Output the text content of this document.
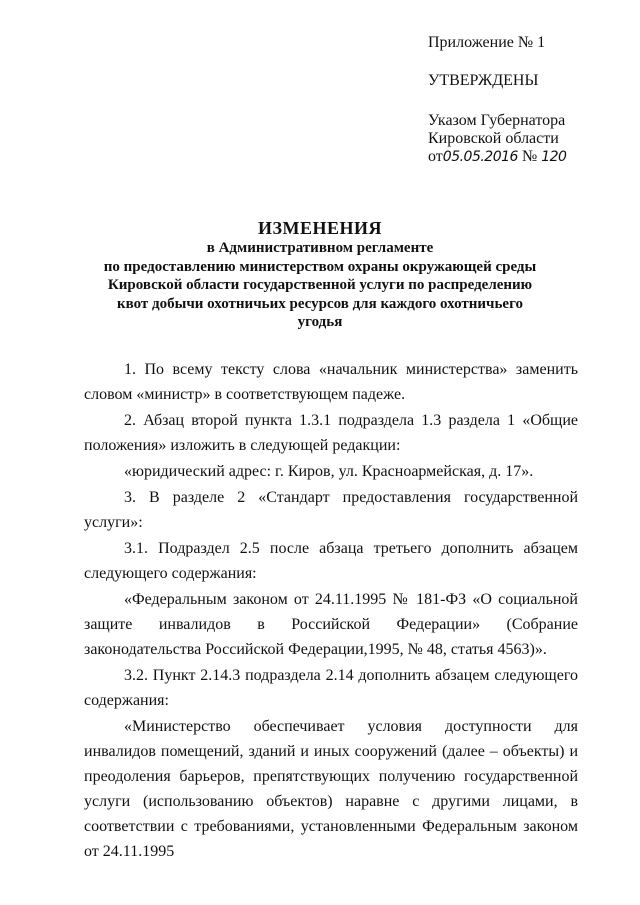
Приложение № 1
УТВЕРЖДЕНЫ
Указом Губернатора
Кировской области
от05.05.2016 № 120
ИЗМЕНЕНИЯ
в Административном регламенте
по предоставлению министерством охраны окружающей среды
Кировской области государственной услуги по распределению
квот добычи охотничьих ресурсов для каждого охотничьего
угодья

1. По всему тексту слова «начальник министерства» заменить словом «министр» в соответствующем падеже.

2. Абзац второй пункта 1.3.1 подраздела 1.3 раздела 1 «Общие положения» изложить в следующей редакции:

«юридический адрес: г. Киров, ул. Красноармейская, д. 17».

3. В разделе 2 «Стандарт предоставления государственной услуги»:

3.1. Подраздел 2.5 после абзаца третьего дополнить абзацем следующего содержания:

«Федеральным законом от 24.11.1995 № 181-ФЗ «О социальной защите инвалидов в Российской Федерации» (Собрание законодательства Российской Федерации,1995, № 48, статья 4563)».

3.2. Пункт 2.14.3 подраздела 2.14 дополнить абзацем следующего содержания:

«Министерство обеспечивает условия доступности для инвалидов помещений, зданий и иных сооружений (далее – объекты) и преодоления барьеров, препятствующих получению государственной услуги (использованию объектов) наравне с другими лицами, в соответствии с требованиями, установленными Федеральным законом от 24.11.1995
